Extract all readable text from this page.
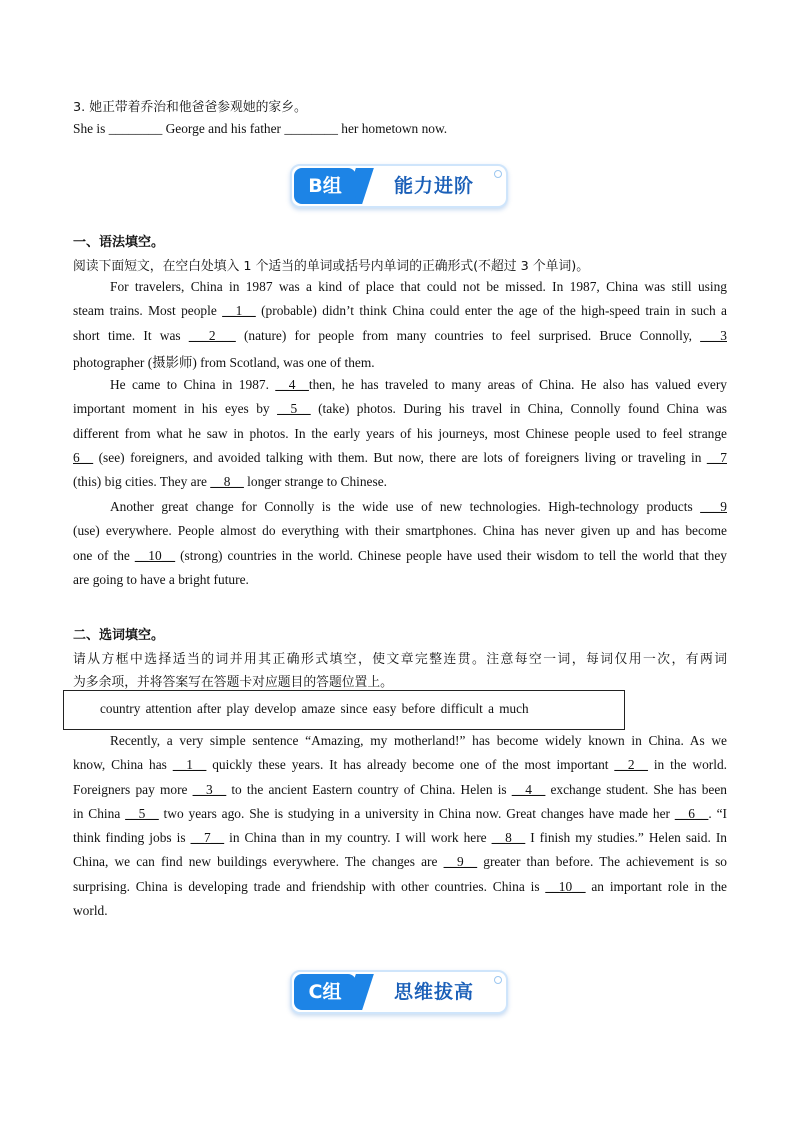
3. 她正带着乔治和他爸爸参观她的家乡。
She is ________ George and his father ________ her hometown now.
B组	能力进阶
一、语法填空。
阅读下面短文，在空白处填入 1 个适当的单词或括号内单词的正确形式(不超过 3 个单词)。
For travelers, China in 1987 was a kind of place that could not be missed. In 1987, China was still using
steam trains. Most people __1__ (probable) didn’t think China could enter the age of the high-speed train in such a
short time. It was ___2___ (nature) for people from many countries to feel surprised. Bruce Connolly, ___3
photographer (摄影师) from Scotland, was one of them.
He came to China in 1987. __4__then, he has traveled to many areas of China. He also has valued every
important moment in his eyes by __5__ (take) photos. During his travel in China, Connolly found China was
different from what he saw in photos. In the early years of his journeys, most Chinese people used to feel strange
6__ (see) foreigners, and avoided talking with them. But now, there are lots of foreigners living or traveling in __7
(this) big cities. They are __8__ longer strange to Chinese.
Another great change for Connolly is the wide use of new technologies. High-technology products ___9
(use) everywhere. People almost do everything with their smartphones. China has never given up and has become
one of the __10__ (strong) countries in the world. Chinese people have used their wisdom to tell the world that they
are going to have a bright future.
二、选词填空。
请从方框中选择适当的词并用其正确形式填空，使文章完整连贯。注意每空一词，每词仅用一次，有两词
为多余项，并将答案写在答题卡对应题目的答题位置上。
country attention after play develop amaze since easy before difficult a much
Recently, a very simple sentence “Amazing, my motherland!” has become widely known in China. As we
know, China has __1__ quickly these years. It has already become one of the most important __2__ in the world.
Foreigners pay more __3__ to the ancient Eastern country of China. Helen is __4__ exchange student. She has been
in China __5__ two years ago. She is studying in a university in China now. Great changes have made her __6__. “I
think finding jobs is __7__ in China than in my country. I will work here __8__ I finish my studies.” Helen said. In
China, we can find new buildings everywhere. The changes are __9__ greater than before. The achievement is so
surprising. China is developing trade and friendship with other countries. China is __10__ an important role in the
world.
C组	思维拔高
